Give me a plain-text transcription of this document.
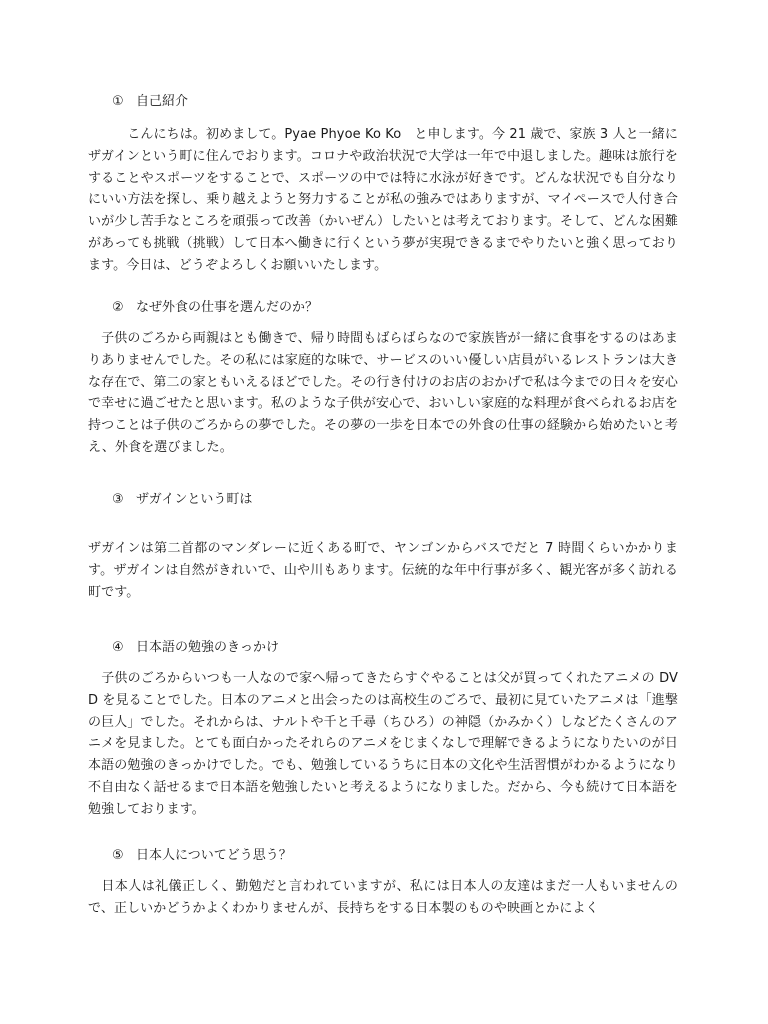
① 自己紹介

　　　こんにちは。初めまして。Pyae Phyoe Ko Ko　と申します。今 21 歳で、家族 3 人と一緒にザガインという町に住んでおります。コロナや政治状況で大学は一年で中退しました。趣味は旅行をすることやスポーツをすることで、スポーツの中では特に水泳が好きです。どんな状況でも自分なりにいい方法を探し、乗り越えようと努力することが私の強みではありますが、マイペースで人付き合いが少し苦手なところを頑張って改善（かいぜん）したいとは考えております。そして、どんな困難があっても挑戦（挑戦）して日本へ働きに行くという夢が実現できるまでやりたいと強く思っております。今日は、どうぞよろしくお願いいたします。

② なぜ外食の仕事を選んだのか？

　子供のごろから両親はとも働きで、帰り時間もばらばらなので家族皆が一緒に食事をするのはあまりありませんでした。その私には家庭的な味で、サービスのいい優しい店員がいるレストランは大きな存在で、第二の家ともいえるほどでした。その行き付けのお店のおかげで私は今までの日々を安心で幸せに過ごせたと思います。私のような子供が安心で、おいしい家庭的な料理が食べられるお店を持つことは子供のごろからの夢でした。その夢の一歩を日本での外食の仕事の経験から始めたいと考え、外食を選びました。

③ ザガインという町は

ザガインは第二首都のマンダレーに近くある町で、ヤンゴンからバスでだと 7 時間くらいかかります。ザガインは自然がきれいで、山や川もあります。伝統的な年中行事が多く、観光客が多く訪れる町です。

④ 日本語の勉強のきっかけ

　子供のごろからいつも一人なので家へ帰ってきたらすぐやることは父が買ってくれたアニメの DVD を見ることでした。日本のアニメと出会ったのは高校生のごろで、最初に見ていたアニメは「進撃の巨人」でした。それからは、ナルトや千と千尋（ちひろ）の神隠（かみかく）しなどたくさんのアニメを見ました。とても面白かったそれらのアニメをじまくなしで理解できるようになりたいのが日本語の勉強のきっかけでした。でも、勉強しているうちに日本の文化や生活習慣がわかるようになり不自由なく話せるまで日本語を勉強したいと考えるようになりました。だから、今も続けて日本語を勉強しております。

⑤ 日本人についてどう思う？

　日本人は礼儀正しく、勤勉だと言われていますが、私には日本人の友達はまだ一人もいませんので、正しいかどうかよくわかりませんが、長持ちをする日本製のものや映画とかによく
